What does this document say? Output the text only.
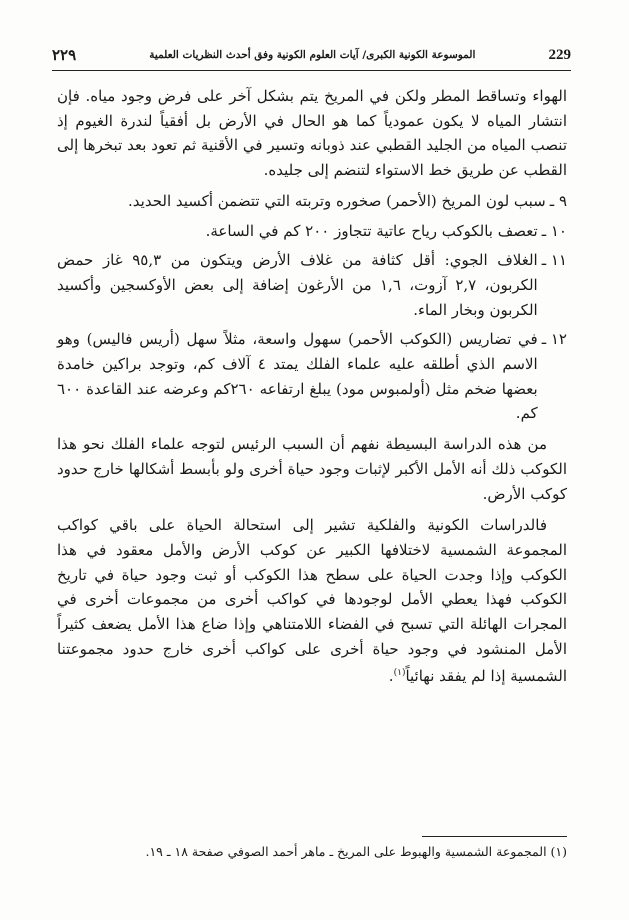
٢٢٩	الموسوعة الكونية الكبرى/ آيات العلوم الكونية وفق أحدث النظريات العلمية	229

الهواء وتساقط المطر ولكن في المريخ يتم بشكل آخر على فرض وجود مياه. فإن انتشار المياه لا يكون عمودياً كما هو الحال في الأرض بل أفقياً لندرة الغيوم إذ تنصب المياه من الجليد القطبي عند ذوبانه وتسير في الأقنية ثم تعود بعد تبخرها إلى القطب عن طريق خط الاستواء لتنضم إلى جليده.

٩ ـ
سبب لون المريخ (الأحمر) صخوره وتربته التي تتضمن أكسيد الحديد.
١٠ ـ
تعصف بالكوكب رياح عاتية تتجاوز ٢٠٠ كم في الساعة.
١١ ـ
الغلاف الجوي: أقل كثافة من غلاف الأرض ويتكون من ٩٥,٣ غاز حمض الكربون، ٢,٧ آزوت، ١,٦ من الأرغون إضافة إلى بعض الأوكسجين وأكسيد الكربون وبخار الماء.
١٢ ـ
في تضاريس (الكوكب الأحمر) سهول واسعة، مثلاً سهل (أريس فاليس) وهو الاسم الذي أطلقه عليه علماء الفلك يمتد ٤ آلاف كم، وتوجد براكين خامدة بعضها ضخم مثل (أولمبوس مود) يبلغ ارتفاعه ٢٦٠كم وعرضه عند القاعدة ٦٠٠ كم.

من هذه الدراسة البسيطة نفهم أن السبب الرئيس لتوجه علماء الفلك نحو هذا الكوكب ذلك أنه الأمل الأكبر لإثبات وجود حياة أخرى ولو بأبسط أشكالها خارج حدود كوكب الأرض.

فالدراسات الكونية والفلكية تشير إلى استحالة الحياة على باقي كواكب المجموعة الشمسية لاختلافها الكبير عن كوكب الأرض والأمل معقود في هذا الكوكب وإذا وجدت الحياة على سطح هذا الكوكب أو ثبت وجود حياة في تاريخ الكوكب فهذا يعطي الأمل لوجودها في كواكب أخرى من مجموعات أخرى في المجرات الهائلة التي تسبح في الفضاء اللامتناهي وإذا ضاع هذا الأمل يضعف كثيراً الأمل المنشود في وجود حياة أخرى على كواكب أخرى خارج حدود مجموعتنا الشمسية إذا لم يفقد نهائياً$^{(١)}$.

(١) المجموعة الشمسية والهبوط على المريخ ـ ماهر أحمد الصوفي صفحة ١٨ ـ ١٩.
